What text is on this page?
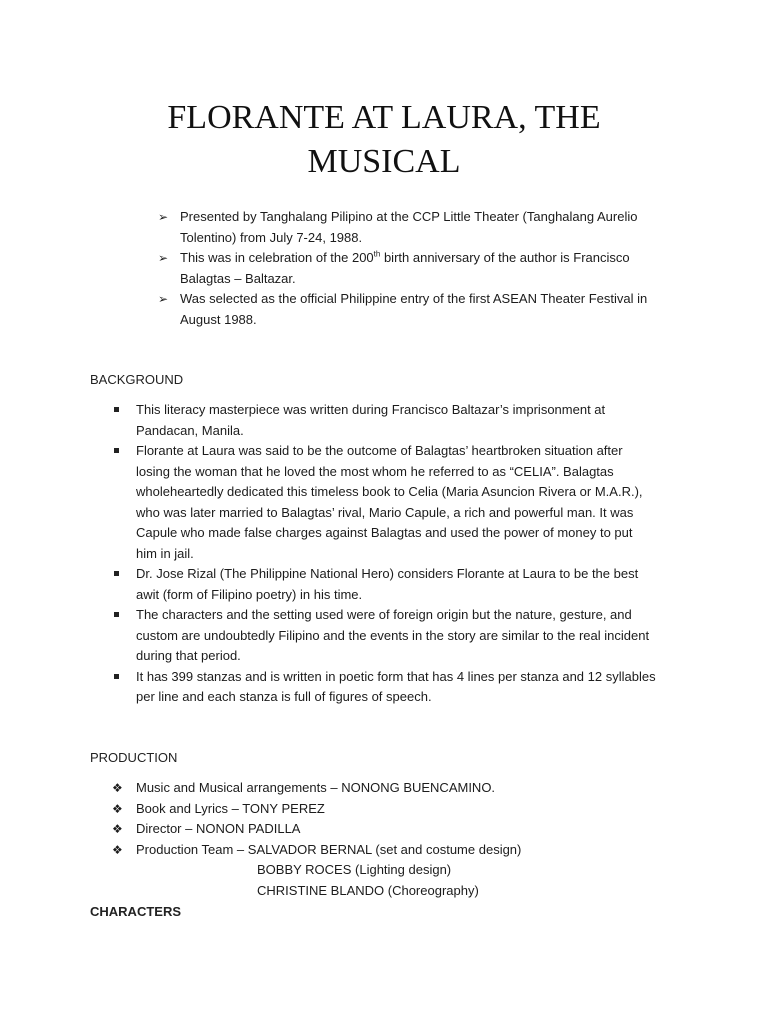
FLORANTE AT LAURA, THE
MUSICAL
➢ Presented by Tanghalang Pilipino at the CCP Little Theater (Tanghalang Aurelio Tolentino) from July 7-24, 1988.
➢ This was in celebration of the 200th birth anniversary of the author is Francisco Balagtas – Baltazar.
➢ Was selected as the official Philippine entry of the first ASEAN Theater Festival in August 1988.

BACKGROUND

This literacy masterpiece was written during Francisco Baltazar’s imprisonment at Pandacan, Manila.
Florante at Laura was said to be the outcome of Balagtas’ heartbroken situation after losing the woman that he loved the most whom he referred to as “CELIA”. Balagtas wholeheartedly dedicated this timeless book to Celia (Maria Asuncion Rivera or M.A.R.), who was later married to Balagtas’ rival, Mario Capule, a rich and powerful man. It was Capule who made false charges against Balagtas and used the power of money to put him in jail.
Dr. Jose Rizal (The Philippine National Hero) considers Florante at Laura to be the best awit (form of Filipino poetry) in his time.
The characters and the setting used were of foreign origin but the nature, gesture, and custom are undoubtedly Filipino and the events in the story are similar to the real incident during that period.
It has 399 stanzas and is written in poetic form that has 4 lines per stanza and 12 syllables per line and each stanza is full of figures of speech.

PRODUCTION

❖ Music and Musical arrangements – NONONG BUENCAMINO.
❖ Book and Lyrics – TONY PEREZ
❖ Director – NONON PADILLA
❖ Production Team – SALVADOR BERNAL (set and costume design)
BOBBY ROCES (Lighting design)
CHRISTINE BLANDO (Choreography)

CHARACTERS
